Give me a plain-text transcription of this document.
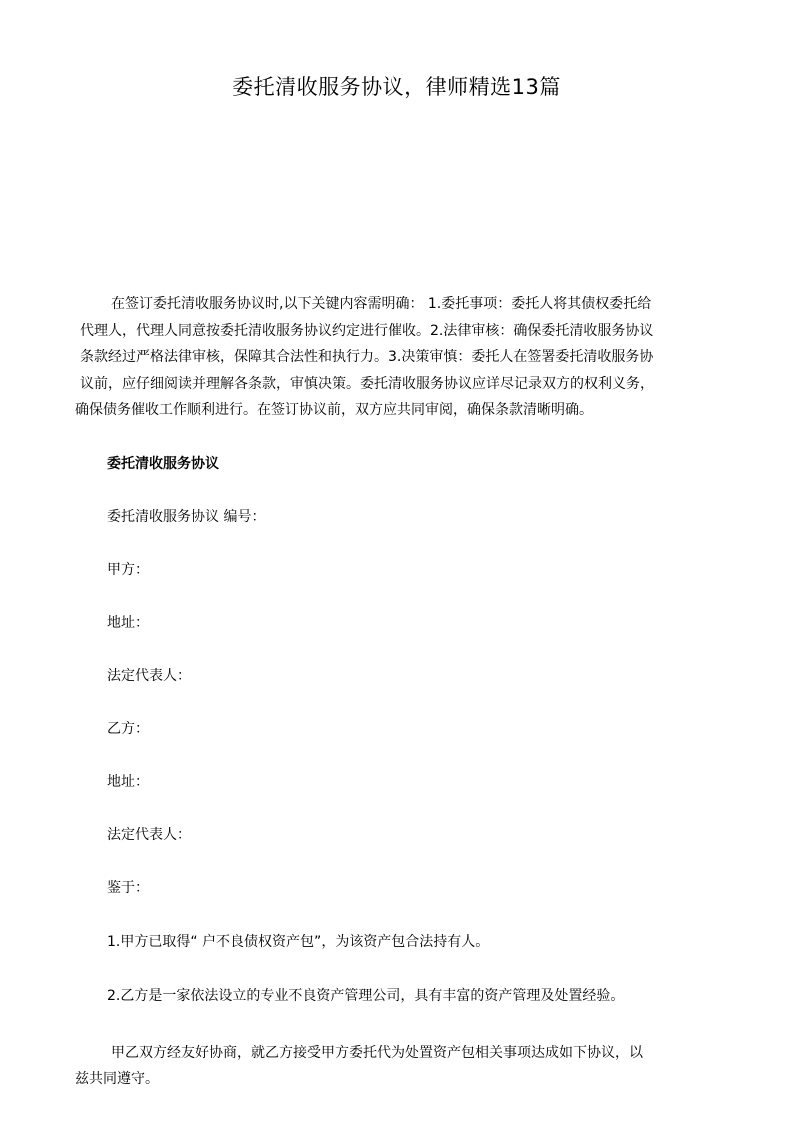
委托清收服务协议，律师精选13篇
在签订委托清收服务协议时,以下关键内容需明确： 1.委托事项：委托人将其债权委托给
代理人，代理人同意按委托清收服务协议约定进行催收。2.法律审核：确保委托清收服务协议
条款经过严格法律审核，保障其合法性和执行力。3.决策审慎：委托人在签署委托清收服务协
议前，应仔细阅读并理解各条款，审慎决策。委托清收服务协议应详尽记录双方的权利义务，
确保债务催收工作顺利进行。在签订协议前，双方应共同审阅，确保条款清晰明确。
委托清收服务协议
委托清收服务协议 编号：
甲方：
地址：
法定代表人：
乙方：
地址：
法定代表人：
鉴于：
1.甲方已取得“ 户不良债权资产包”，为该资产包合法持有人。
2.乙方是一家依法设立的专业不良资产管理公司，具有丰富的资产管理及处置经验。
甲乙双方经友好协商，就乙方接受甲方委托代为处置资产包相关事项达成如下协议，以
兹共同遵守。
